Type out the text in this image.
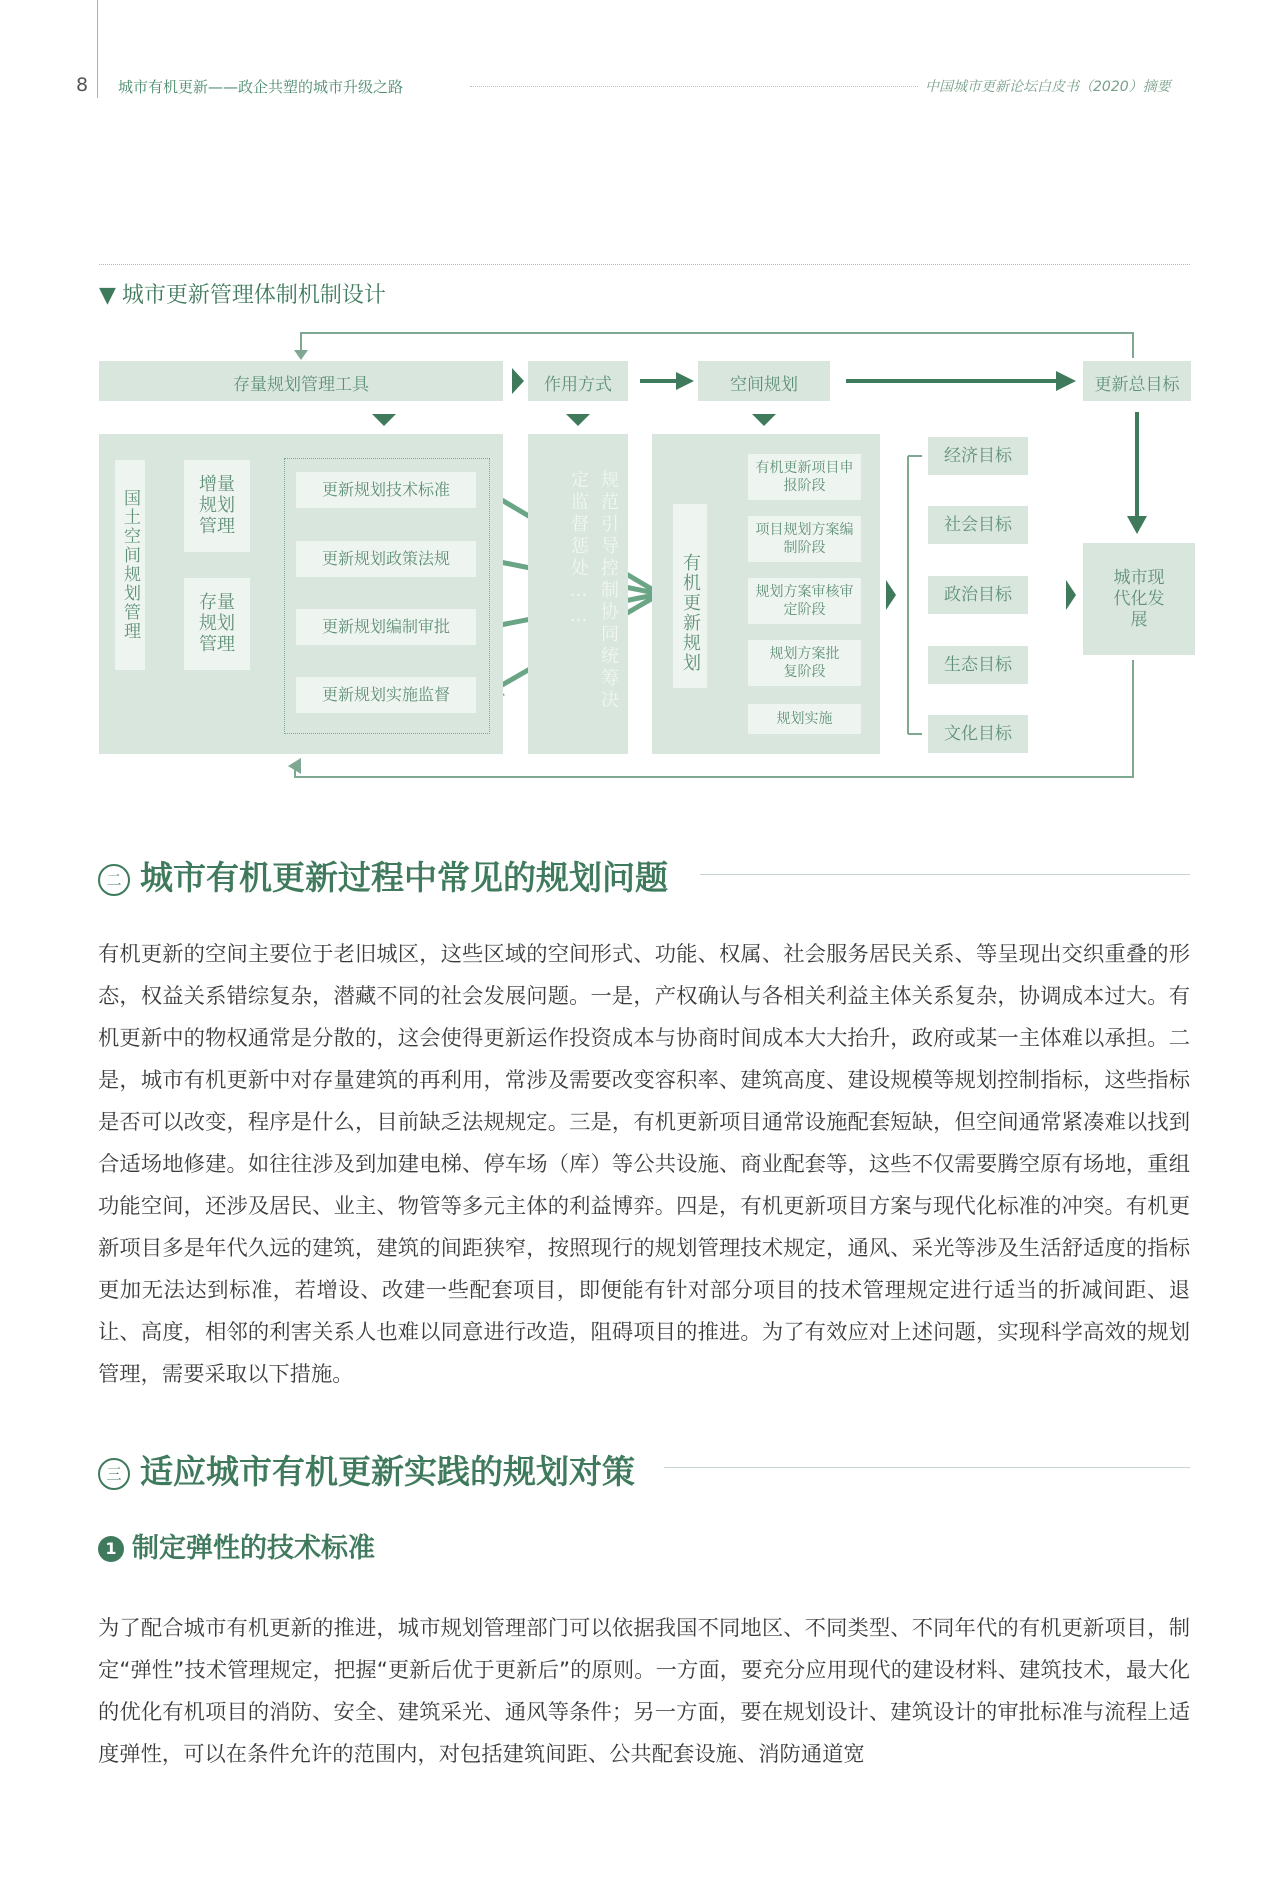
8 城市有机更新——政企共塑的城市升级之路	中国城市更新论坛白皮书（2020）摘要
▼ 城市更新管理体制机制设计
存量规划管理工具	作用方式	空间规划	更新总目标
国土空间规划管理
增量规划管理
存量规划管理
更新规划技术标准
更新规划政策法规
更新规划编制审批
更新规划实施监督	规范引导控制协同统筹决定监督惩处……	有机更新规划
有机更新项目申报阶段
项目规划方案编制阶段
规划方案审核审定阶段
规划方案批复阶段
规划实施
经济目标
社会目标
政治目标
生态目标
文化目标
城市现代化发展
二 城市有机更新过程中常见的规划问题
有机更新的空间主要位于老旧城区，这些区域的空间形式、功能、权属、社会服务居民关系、等呈现出交织重叠的形态，权益关系错综复杂，潜藏不同的社会发展问题。一是，产权确认与各相关利益主体关系复杂，协调成本过大。有机更新中的物权通常是分散的，这会使得更新运作投资成本与协商时间成本大大抬升，政府或某一主体难以承担。二是，城市有机更新中对存量建筑的再利用，常涉及需要改变容积率、建筑高度、建设规模等规划控制指标，这些指标是否可以改变，程序是什么，目前缺乏法规规定。三是，有机更新项目通常设施配套短缺，但空间通常紧凑难以找到合适场地修建。如往往涉及到加建电梯、停车场（库）等公共设施、商业配套等，这些不仅需要腾空原有场地，重组功能空间，还涉及居民、业主、物管等多元主体的利益博弈。四是，有机更新项目方案与现代化标准的冲突。有机更新项目多是年代久远的建筑，建筑的间距狭窄，按照现行的规划管理技术规定，通风、采光等涉及生活舒适度的指标更加无法达到标准，若增设、改建一些配套项目，即便能有针对部分项目的技术管理规定进行适当的折减间距、退让、高度，相邻的利害关系人也难以同意进行改造，阻碍项目的推进。为了有效应对上述问题，实现科学高效的规划管理，需要采取以下措施。
三 适应城市有机更新实践的规划对策
1 制定弹性的技术标准
为了配合城市有机更新的推进，城市规划管理部门可以依据我国不同地区、不同类型、不同年代的有机更新项目，制定“弹性”技术管理规定，把握“更新后优于更新后”的原则。一方面，要充分应用现代的建设材料、建筑技术，最大化的优化有机项目的消防、安全、建筑采光、通风等条件；另一方面，要在规划设计、建筑设计的审批标准与流程上适度弹性，可以在条件允许的范围内，对包括建筑间距、公共配套设施、消防通道宽
